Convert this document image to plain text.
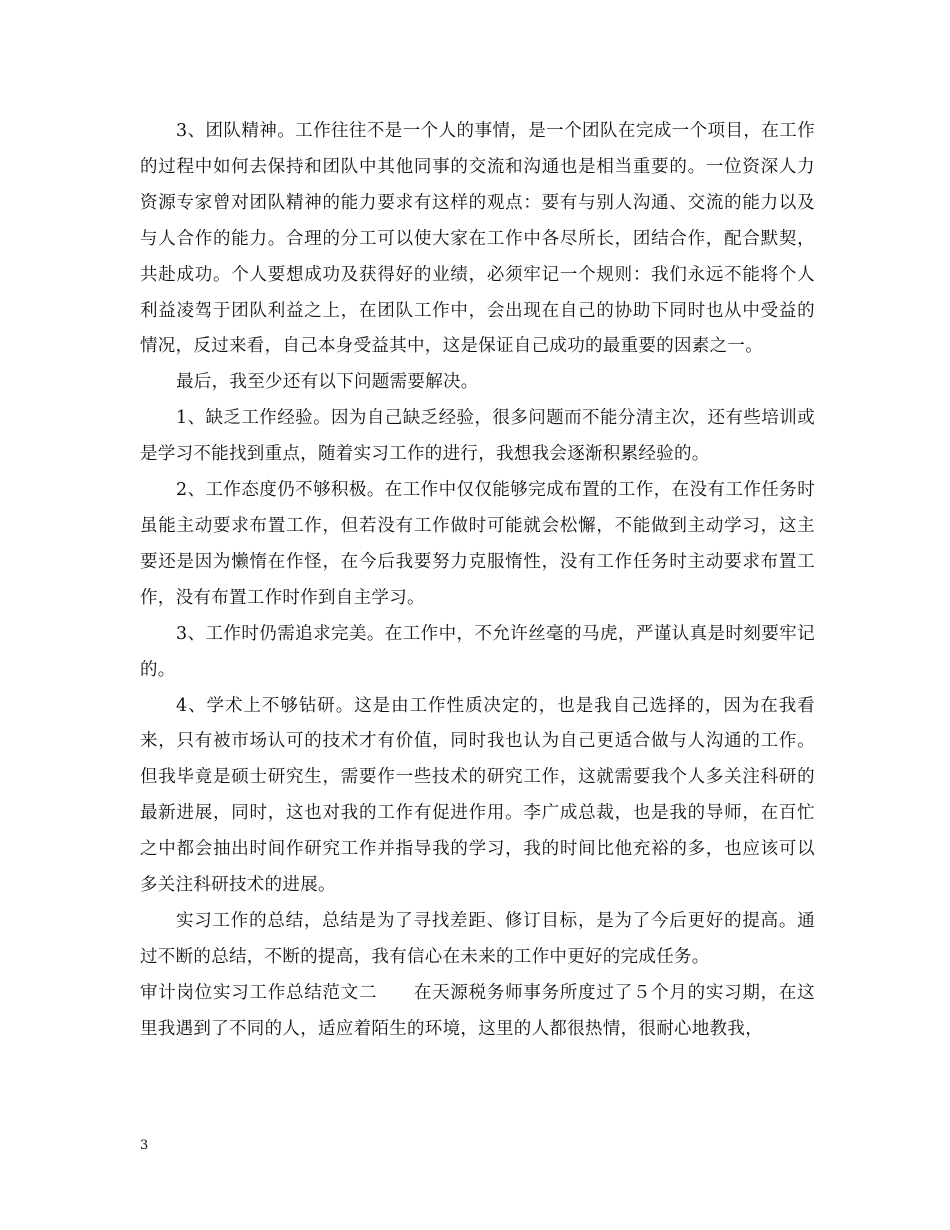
3、团队精神。工作往往不是一个人的事情，是一个团队在完成一个项目，在工作的过程中如何去保持和团队中其他同事的交流和沟通也是相当重要的。一位资深人力资源专家曾对团队精神的能力要求有这样的观点：要有与别人沟通、交流的能力以及与人合作的能力。合理的分工可以使大家在工作中各尽所长，团结合作，配合默契，共赴成功。个人要想成功及获得好的业绩，必须牢记一个规则：我们永远不能将个人利益凌驾于团队利益之上，在团队工作中，会出现在自己的协助下同时也从中受益的情况，反过来看，自己本身受益其中，这是保证自己成功的最重要的因素之一。

最后，我至少还有以下问题需要解决。

1、缺乏工作经验。因为自己缺乏经验，很多问题而不能分清主次，还有些培训或是学习不能找到重点，随着实习工作的进行，我想我会逐渐积累经验的。

2、工作态度仍不够积极。在工作中仅仅能够完成布置的工作，在没有工作任务时虽能主动要求布置工作，但若没有工作做时可能就会松懈，不能做到主动学习，这主要还是因为懒惰在作怪，在今后我要努力克服惰性，没有工作任务时主动要求布置工作，没有布置工作时作到自主学习。

3、工作时仍需追求完美。在工作中，不允许丝毫的马虎，严谨认真是时刻要牢记的。

4、学术上不够钻研。这是由工作性质决定的，也是我自己选择的，因为在我看来，只有被市场认可的技术才有价值，同时我也认为自己更适合做与人沟通的工作。但我毕竟是硕士研究生，需要作一些技术的研究工作，这就需要我个人多关注科研的最新进展，同时，这也对我的工作有促进作用。李广成总裁，也是我的导师，在百忙之中都会抽出时间作研究工作并指导我的学习，我的时间比他充裕的多，也应该可以多关注科研技术的进展。

实习工作的总结，总结是为了寻找差距、修订目标，是为了今后更好的提高。通过不断的总结，不断的提高，我有信心在未来的工作中更好的完成任务。

审计岗位实习工作总结范文二　　在天源税务师事务所度过了５个月的实习期，在这里我遇到了不同的人，适应着陌生的环境，这里的人都很热情，很耐心地教我，

3
